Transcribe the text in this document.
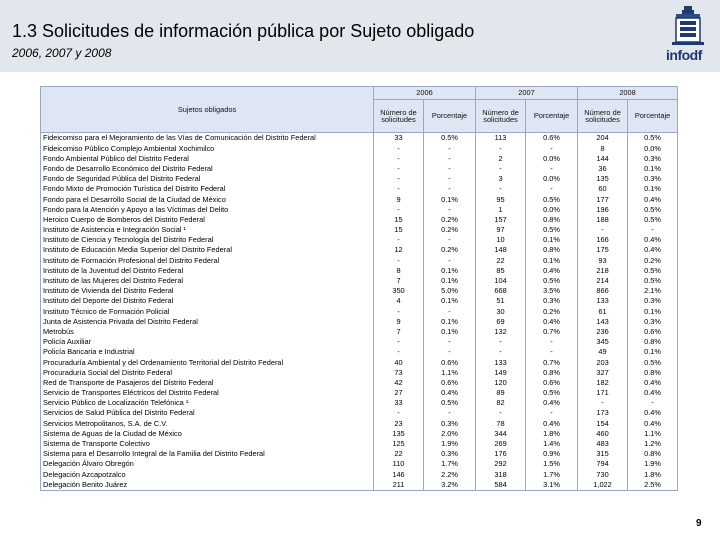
1.3 Solicitudes de información pública por Sujeto obligado
2006, 2007 y 2008	infodf
Sujetos obligados	2006		2007		2008	
	Número de solicitudes	Porcentaje	Número de solicitudes	Porcentaje	Número de solicitudes	Porcentaje
Fideicomiso para el Mejoramiento de las Vías de Comunicación del Distrito Federal	33	0.5%	113	0.6%	204	0.5%
Fideicomiso Público Complejo Ambiental Xochimilco	-	-	-	-	8	0.0%
Fondo Ambiental Público del Distrito Federal	-	-	2	0.0%	144	0.3%
Fondo de Desarrollo Económico del Distrito Federal	-	-	-	-	36	0.1%
Fondo de Seguridad Pública del Distrito Federal	-	-	3	0.0%	135	0.3%
Fondo Mixto de Promoción Turística del Distrito Federal	-	-	-	-	60	0.1%
Fondo para el Desarrollo Social de la Ciudad de México	9	0.1%	95	0.5%	177	0.4%
Fondo para la Atención y Apoyo a las Víctimas del Delito	-	-	1	0.0%	196	0.5%
Heroico Cuerpo de Bomberos del Distrito Federal	15	0.2%	157	0.8%	188	0.5%
Instituto de Asistencia e Integración Social ¹	15	0.2%	97	0.5%	-	-
Instituto de Ciencia y Tecnología del Distrito Federal	-	-	10	0.1%	166	0.4%
Instituto de Educación Media Superior del Distrito Federal	12	0.2%	148	0.8%	175	0.4%
Instituto de Formación Profesional del Distrito Federal	-	-	22	0.1%	93	0.2%
Instituto de la Juventud del Distrito Federal	8	0.1%	85	0.4%	218	0.5%
Instituto de las Mujeres del Distrito Federal	7	0.1%	104	0.5%	214	0.5%
Instituto de Vivienda del Distrito Federal	350	5.0%	668	3.5%	866	2.1%
Instituto del Deporte del Distrito Federal	4	0.1%	51	0.3%	133	0.3%
Instituto Técnico de Formación Policial	-	-	30	0.2%	61	0.1%
Junta de Asistencia Privada del Distrito Federal	9	0.1%	69	0.4%	143	0.3%
Metrobús	7	0.1%	132	0.7%	236	0.6%
Policía Auxiliar	-	-	-	-	345	0.8%
Policía Bancaria e Industrial	-	-	-	-	49	0.1%
Procuraduría Ambiental y del Ordenamiento Territorial del Distrito Federal	40	0.6%	133	0.7%	203	0.5%
Procuraduría Social del Distrito Federal	73	1.1%	149	0.8%	327	0.8%
Red de Transporte de Pasajeros del Distrito Federal	42	0.6%	120	0.6%	182	0.4%
Servicio de Transportes Eléctricos del Distrito Federal	27	0.4%	89	0.5%	171	0.4%
Servicio Público de Localización Telefónica ¹	33	0.5%	82	0.4%	-	-
Servicios de Salud Pública del Distrito Federal	-	-	-	-	173	0.4%
Servicios Metropolitanos, S.A. de C.V.	23	0.3%	78	0.4%	154	0.4%
Sistema de Aguas de la Ciudad de México	135	2.0%	344	1.8%	460	1.1%
Sistema de Transporte Colectivo	125	1.9%	269	1.4%	483	1.2%
Sistema para el Desarrollo Integral de la Familia del Distrito Federal	22	0.3%	176	0.9%	315	0.8%
Delegación Álvaro Obregón	110	1.7%	292	1.5%	794	1.9%
Delegación Azcapotzalco	146	2.2%	318	1.7%	730	1.8%
Delegación Benito Juárez	211	3.2%	584	3.1%	1,022	2.5%
9
